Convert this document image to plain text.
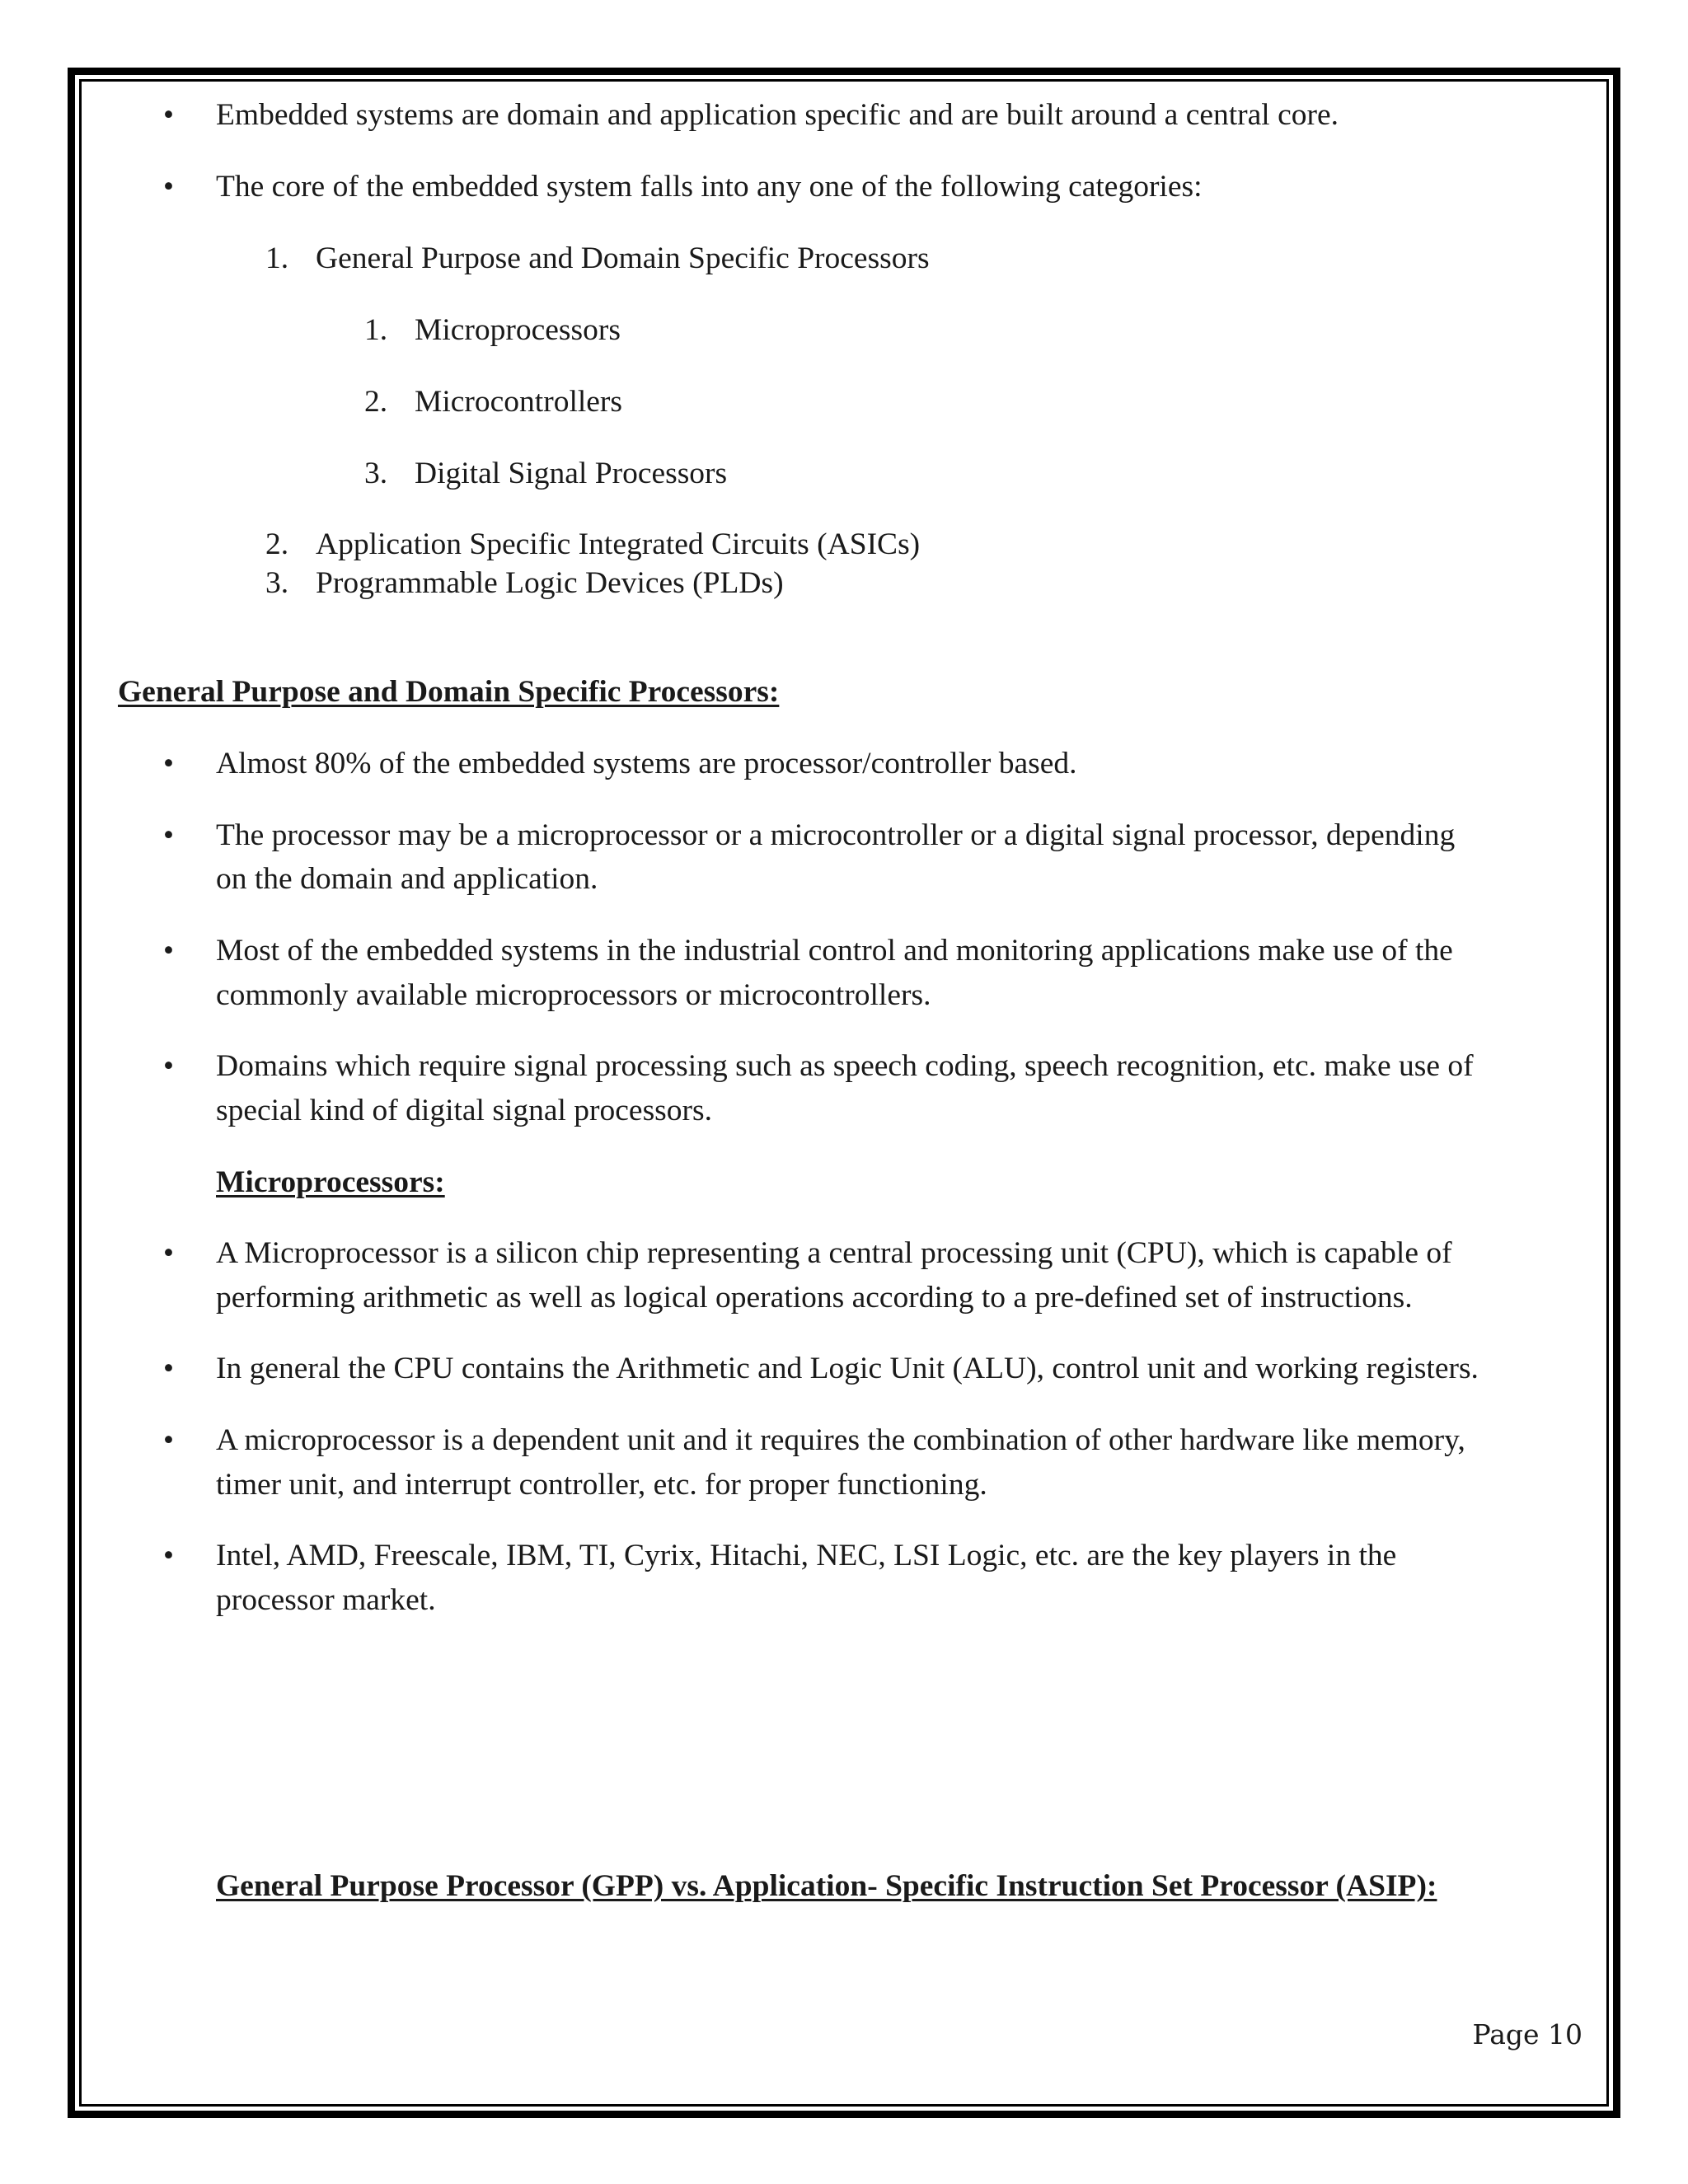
• Embedded systems are domain and application specific and are built around a central core.
• The core of the embedded system falls into any one of the following categories:
1. General Purpose and Domain Specific Processors
1. Microprocessors
2. Microcontrollers
3. Digital Signal Processors
2. Application Specific Integrated Circuits (ASICs)
3. Programmable Logic Devices (PLDs)
General Purpose and Domain Specific Processors:
• Almost 80% of the embedded systems are processor/controller based.
• The processor may be a microprocessor or a microcontroller or a digital signal processor, depending
on the domain and application.
• Most of the embedded systems in the industrial control and monitoring applications make use of the
commonly available microprocessors or microcontrollers.
• Domains which require signal processing such as speech coding, speech recognition, etc. make use of
special kind of digital signal processors.
Microprocessors:
• A Microprocessor is a silicon chip representing a central processing unit (CPU), which is capable of
performing arithmetic as well as logical operations according to a pre-defined set of instructions.
• In general the CPU contains the Arithmetic and Logic Unit (ALU), control unit and working registers.
• A microprocessor is a dependent unit and it requires the combination of other hardware like memory,
timer unit, and interrupt controller, etc. for proper functioning.
• Intel, AMD, Freescale, IBM, TI, Cyrix, Hitachi, NEC, LSI Logic, etc. are the key players in the
processor market.
General Purpose Processor (GPP) vs. Application- Specific Instruction Set Processor (ASIP):
Page 10
